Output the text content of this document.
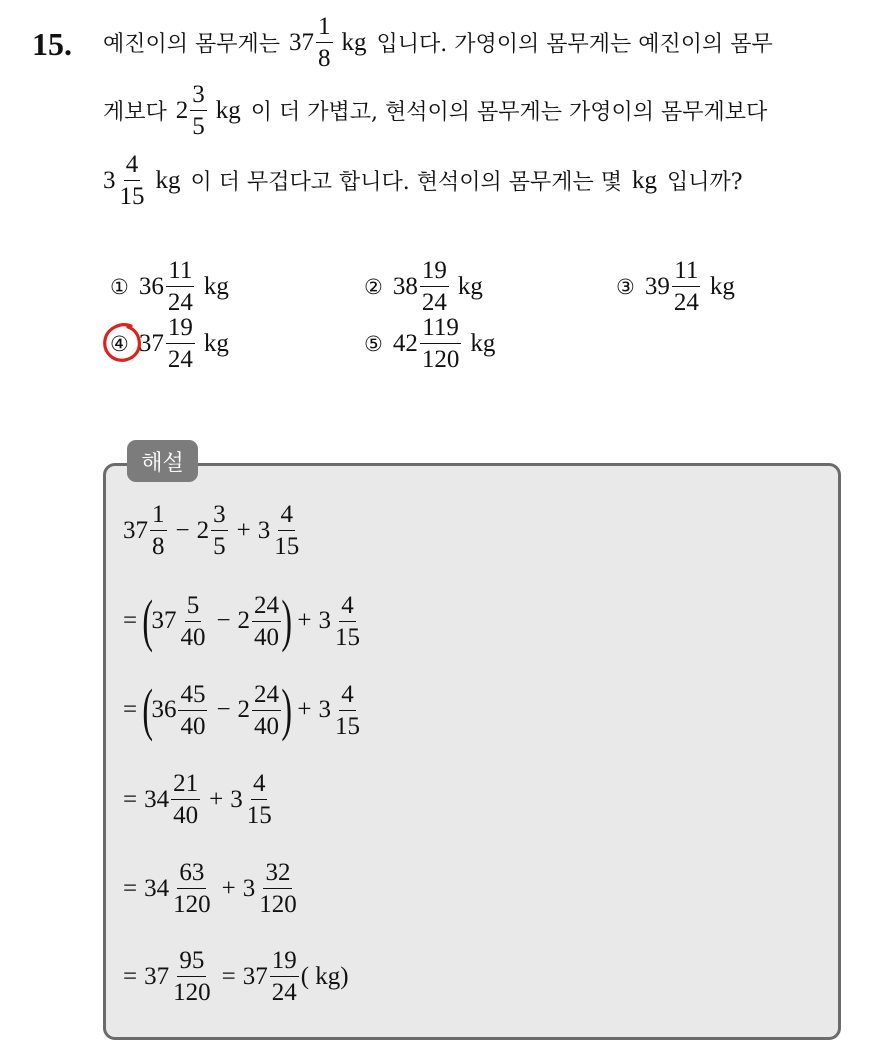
15. 예진이의 몸무게는 $37 \frac{1}{8}$ kg 입니다. 가영이의 몸무게는 예진이의 몸무
게보다 $2 \frac{3}{5}$ kg 이 더 가볍고, 현석이의 몸무게는 가영이의 몸무게보다
$3 \frac{4}{15}$ kg 이 더 무겁다고 합니다. 현석이의 몸무게는 몇 kg 입니까?
① $36 \frac{11}{24}$ kg	② $38 \frac{19}{24}$ kg	③ $39 \frac{11}{24}$ kg
④ $37 \frac{19}{24}$ kg	⑤ $42 \frac{119}{120}$ kg
해설
$37 \frac{1}{8} - 2 \frac{3}{5} + 3 \frac{4}{15}$
= (
$37 \frac{5}{40} - 2 \frac{24}{40}$ ) + $3 \frac{4}{15}$
= (
$36 \frac{45}{40} - 2 \frac{24}{40}$ ) + $3 \frac{4}{15}$
= $34 \frac{21}{40} + 3 \frac{4}{15}$
= $34 \frac{63}{120} + 3 \frac{32}{120}$
= $37 \frac{95}{120} = 37 \frac{19}{24}$ ( kg)
